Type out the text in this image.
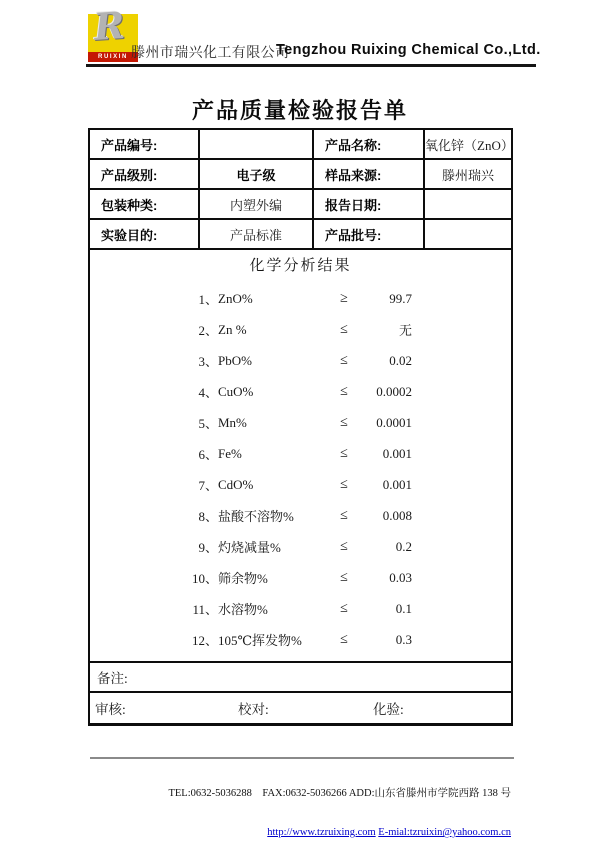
R
RUIXIN 滕州市瑞兴化工有限公司
Tengzhou Ruixing Chemical Co.,Ltd.
产品质量检验报告单
产品编号:		产品名称:	氧化锌（ZnO）
产品级别:	电子级	样品来源:	滕州瑞兴
包装种类:	内塑外编	报告日期:	
实验目的:	产品标准	产品批号:	

化学分析结果
1、 ZnO%	≥	99.7
2、 Zn %	≤	无
3、 PbO%	≤	0.02
4、 CuO%	≤	0.0002
5、 Mn%	≤	0.0001
6、 Fe%	≤	0.001
7、 CdO%	≤	0.001
8、 盐酸不溶物%	≤	0.008
9、 灼烧减量%	≤	0.2
10、 筛余物%	≤	0.03
11、 水溶物%	≤	0.1
12、 105℃挥发物%	≤	0.3

备注:			
审核: 校对: 化验:			

TEL:0632-5036288　FAX:0632-5036266 ADD:山东省滕州市学院西路 138 号

http://www.tzruixing.com E-mial:tzruixin@yahoo.com.cn
